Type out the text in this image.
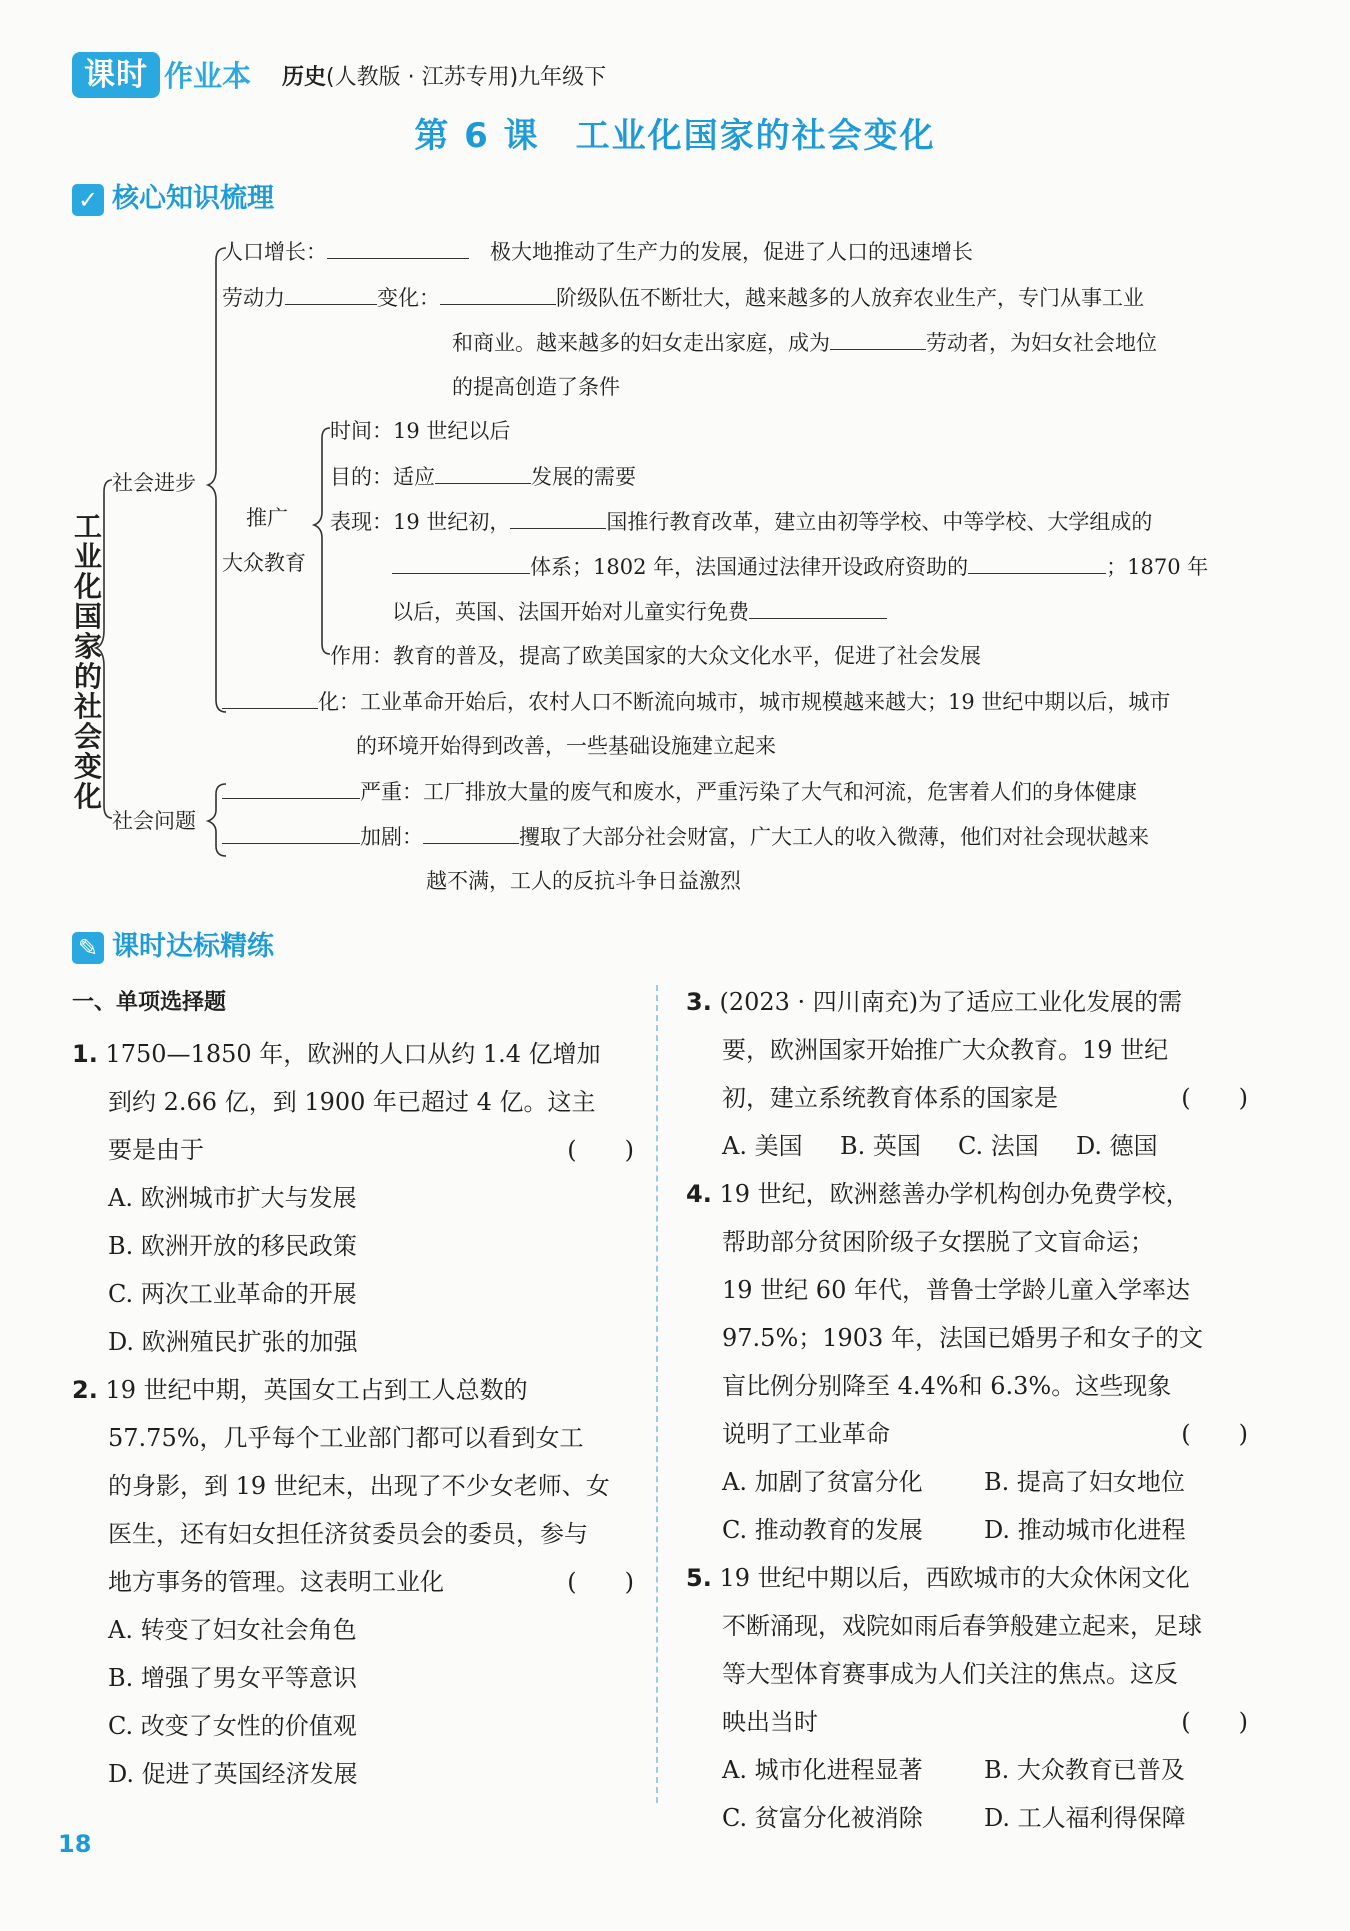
课时 作业本 历史(人教版 · 江苏专用)九年级下
第 6 课　工业化国家的社会变化
✓ 核心知识梳理
工
业
化
国
家
的
社
会
变
化
社会进步
社会问题
人口增长：　	极大地推动了生产力的发展，促进了人口的迅速增长
劳动力	变化：	阶级队伍不断壮大，越来越多的人放弃农业生产，专门从事工业
和商业。越来越多的妇女走出家庭，成为	劳动者，为妇女社会地位
的提高创造了条件
推广
大众教育
时间：19 世纪以后
目的：适应	发展的需要
表现：19 世纪初，	国推行教育改革，建立由初等学校、中等学校、大学组成的
体系；1802 年，法国通过法律开设政府资助的	；1870 年
以后，英国、法国开始对儿童实行免费
作用：教育的普及，提高了欧美国家的大众文化水平，促进了社会发展
化：工业革命开始后，农村人口不断流向城市，城市规模越来越大；19 世纪中期以后，城市
的环境开始得到改善，一些基础设施建立起来
严重：工厂排放大量的废气和废水，严重污染了大气和河流，危害着人们的身体健康
加剧：	攫取了大部分社会财富，广大工人的收入微薄，他们对社会现状越来
越不满，工人的反抗斗争日益激烈
✎ 课时达标精练
一、单项选择题

1. 1750—1850 年，欧洲的人口从约 1.4 亿增加

到约 2.66 亿，到 1900 年已超过 4 亿。这主

要是由于	(　　)

A. 欧洲城市扩大与发展

B. 欧洲开放的移民政策

C. 两次工业革命的开展

D. 欧洲殖民扩张的加强

2. 19 世纪中期，英国女工占到工人总数的

57.75%，几乎每个工业部门都可以看到女工

的身影，到 19 世纪末，出现了不少女老师、女

医生，还有妇女担任济贫委员会的委员，参与

地方事务的管理。这表明工业化	(　　)

A. 转变了妇女社会角色

B. 增强了男女平等意识

C. 改变了女性的价值观

D. 促进了英国经济发展

3. (2023 · 四川南充)为了适应工业化发展的需

要，欧洲国家开始推广大众教育。19 世纪

初，建立系统教育体系的国家是	(　　)

A. 美国 B. 英国 C. 法国 D. 德国

4. 19 世纪，欧洲慈善办学机构创办免费学校，

帮助部分贫困阶级子女摆脱了文盲命运；

19 世纪 60 年代，普鲁士学龄儿童入学率达

97.5%；1903 年，法国已婚男子和女子的文

盲比例分别降至 4.4%和 6.3%。这些现象

说明了工业革命	(　　)

A. 加剧了贫富分化	B. 提高了妇女地位

C. 推动教育的发展	D. 推动城市化进程

5. 19 世纪中期以后，西欧城市的大众休闲文化

不断涌现，戏院如雨后春笋般建立起来，足球

等大型体育赛事成为人们关注的焦点。这反

映出当时	(　　)

A. 城市化进程显著	B. 大众教育已普及

C. 贫富分化被消除	D. 工人福利得保障

18
